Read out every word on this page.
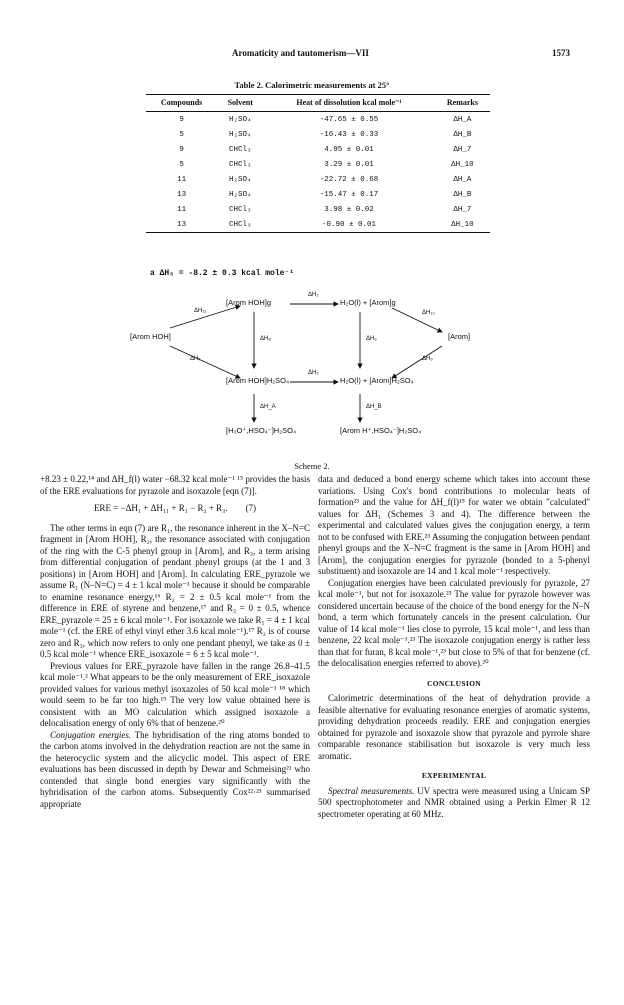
Aromaticity and tautomerism—VII	1573
Table 2. Calorimetric measurements at 25°
Compounds	Solvent	Heat of dissolution kcal mole⁻¹	Remarks
9	H₂SO₄	-47.65 ± 0.55	ΔH_A
5	H₂SO₄	-16.43 ± 0.33	ΔH_B
9	CHCl₃	4.95 ± 0.01	ΔH_7
5	CHCl₃	3.29 ± 0.01	ΔH_10
11	H₂SO₄	-22.72 ± 0.68	ΔH_A
13	H₂SO₄	-15.47 ± 0.17	ΔH_B
11	CHCl₃	3.98 ± 0.02	ΔH_7
13	CHCl₃	-0.90 ± 0.01	ΔH_10
a ΔH₅ = -8.2 ± 0.3 kcal mole⁻¹
[Arom HOH]g	H₂O(l) + [Arom]g
[Arom HOH]	[Arom]
[Arom HOH]H₂SO₄	H₂O(l) + [Arom]H₂SO₄
[H₃O⁺,HSO₄⁻]H₂SO₄	[Arom H⁺,HSO₄⁻]H₂SO₄
ΔH₁
ΔH₁₁	ΔH₁₀
ΔH₇	ΔH₉
ΔH₈	ΔH₆
ΔH₂
ΔH_A	ΔH_B
Scheme 2.

+8.23 ± 0.22,¹⁴ and ΔH_f(l) water −68.32 kcal mole⁻¹ ¹⁵ provides the basis of the ERE evaluations for pyrazole and isoxazole [eqn (7)].

ERE = −ΔH₁ + ΔH₁₁ + R₁ − R₂ + R₃. (7)

The other terms in eqn (7) are R₁, the resonance inherent in the X–N=C fragment in [Arom HOH], R₂, the resonance associated with conjugation of the ring with the C-5 phenyl group in [Arom], and R₃, a term arising from differential conjugation of pendant phenyl groups (at the 1 and 3 positions) in [Arom HOH] and [Arom]. In calculating ERE_pyrazole we assume R₁ (N–N=C) = 4 ± 1 kcal mole⁻¹ because it should be comparable to enamine resonance energy,¹⁶ R₂ = 2 ± 0.5 kcal mole⁻¹ from the difference in ERE of styrene and benzene,¹⁷ and R₃ = 0 ± 0.5, whence ERE_pyrazole = 25 ± 6 kcal mole⁻¹. For isoxazole we take R₁ = 4 ± 1 kcal mole⁻¹ (cf. the ERE of ethyl vinyl ether 3.6 kcal mole⁻¹).¹⁷ R₂ is of course zero and R₃, which now refers to only one pendant phenyl, we take as 0 ± 0.5 kcal mole⁻¹ whence ERE_isoxazole = 6 ± 5 kcal mole⁻¹.

Previous values for ERE_pyrazole have fallen in the range 26.8–41.5 kcal mole⁻¹.² What appears to be the only measurement of ERE_isoxazole provided values for various methyl isoxazoles of 50 kcal mole⁻¹ ¹⁸ which would seem to be far too high.¹⁹ The very low value obtained here is consistent with an MO calculation which assigned isoxazole a delocalisation energy of only 6% that of benzene.²⁰

Conjugation energies. The hybridisation of the ring atoms bonded to the carbon atoms involved in the dehydration reaction are not the same in the heterocyclic system and the alicyclic model. This aspect of ERE evaluations has been discussed in depth by Dewar and Schmeising²¹ who contended that single bond energies vary significantly with the hybridisation of the carbon atoms. Subsequently Cox²²·²³ summarised appropriate

data and deduced a bond energy scheme which takes into account these variations. Using Cox's bond contributions to molecular heats of formation²³ and the value for ΔH_f(l)¹⁵ for water we obtain "calculated" values for ΔH₁ (Schemes 3 and 4). The difference between the experimental and calculated values gives the conjugation energy, a term not to be confused with ERE.²³ Assuming the conjugation between pendant phenyl groups and the X–N=C fragment is the same in [Arom HOH] and [Arom], the conjugation energies for pyrazole (bonded to a 5-phenyl substituent) and isoxazole are 14 and 1 kcal mole⁻¹ respectively.

Conjugation energies have been calculated previously for pyrazole, 27 kcal mole⁻¹, but not for isoxazole.²³ The value for pyrazole however was considered uncertain because of the choice of the bond energy for the N–N bond, a term which fortunately cancels in the present calculation. Our value of 14 kcal mole⁻¹ lies close to pyrrole, 15 kcal mole⁻¹, and less than benzene, 22 kcal mole⁻¹.²³ The isoxazole conjugation energy is rather less than that for furan, 8 kcal mole⁻¹,²³ but close to 5% of that for benzene (cf. the delocalisation energies referred to above).²⁰

CONCLUSION

Calorimetric determinations of the heat of dehydration provide a feasible alternative for evaluating resonance energies of aromatic systems, providing dehydration proceeds readily. ERE and conjugation energies obtained for pyrazole and isoxazole show that pyrazole and pyrrole share comparable resonance stabilisation but isoxazole is very much less aromatic.

EXPERIMENTAL

Spectral measurements. UV spectra were measured using a Unicam SP 500 spectrophotometer and NMR obtained using a Perkin Elmer R 12 spectrometer operating at 60 MHz.
